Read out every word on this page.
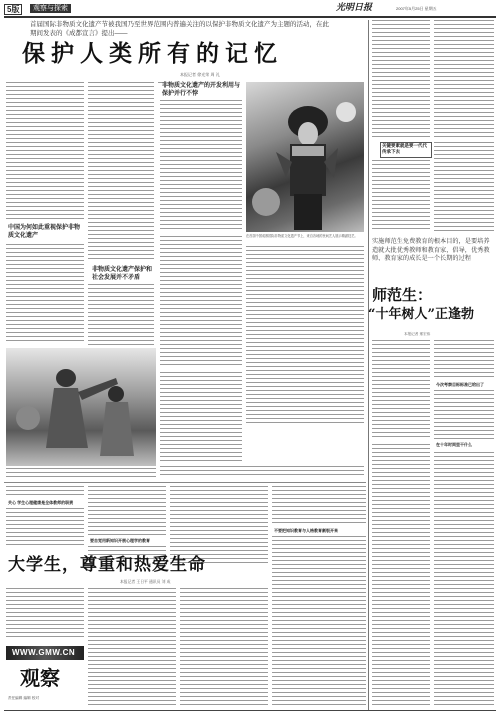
5版	观察与探索	光明日报	2007年5月25日 星期五
首届国际非物质文化遗产节被我国乃至世界范围内普遍关注的以保护非物质文化遗产为主题的活动，在此期间发表的《成都宣言》提出——
保护人类所有的记忆
本报记者 徐光荣 周 礼
非物质文化遗产的开发利用与保护并行不悖
非物质文化遗产保护和社会发展并不矛盾
中国为何如此重视保护非物质文化遗产	在首届中国成都国际非物质文化遗产节上，来自各地的民间艺人展示精湛技艺。
关键要素就是要一代代传承下去
实施师范生免费教育的根本目的，是要培养造就大批优秀教师和教育家，倡导，优秀教师、教育家的成长是一个长期的过程
师范生：
“十年树人”正逢勃
本报记者 邢宏伟
今次考察目标标准已给出了
在十年时间里干什么
关心 学生心理健康是全体教师的职责
要自觉用新知识开展心理学的教育
不要把知识教育与人格教育割裂开来
大学生，尊重和热爱生命
本报记者 王日平 通讯员 刘 成
WWW.GMW.CN
观察
责任编辑 编辑 校对
